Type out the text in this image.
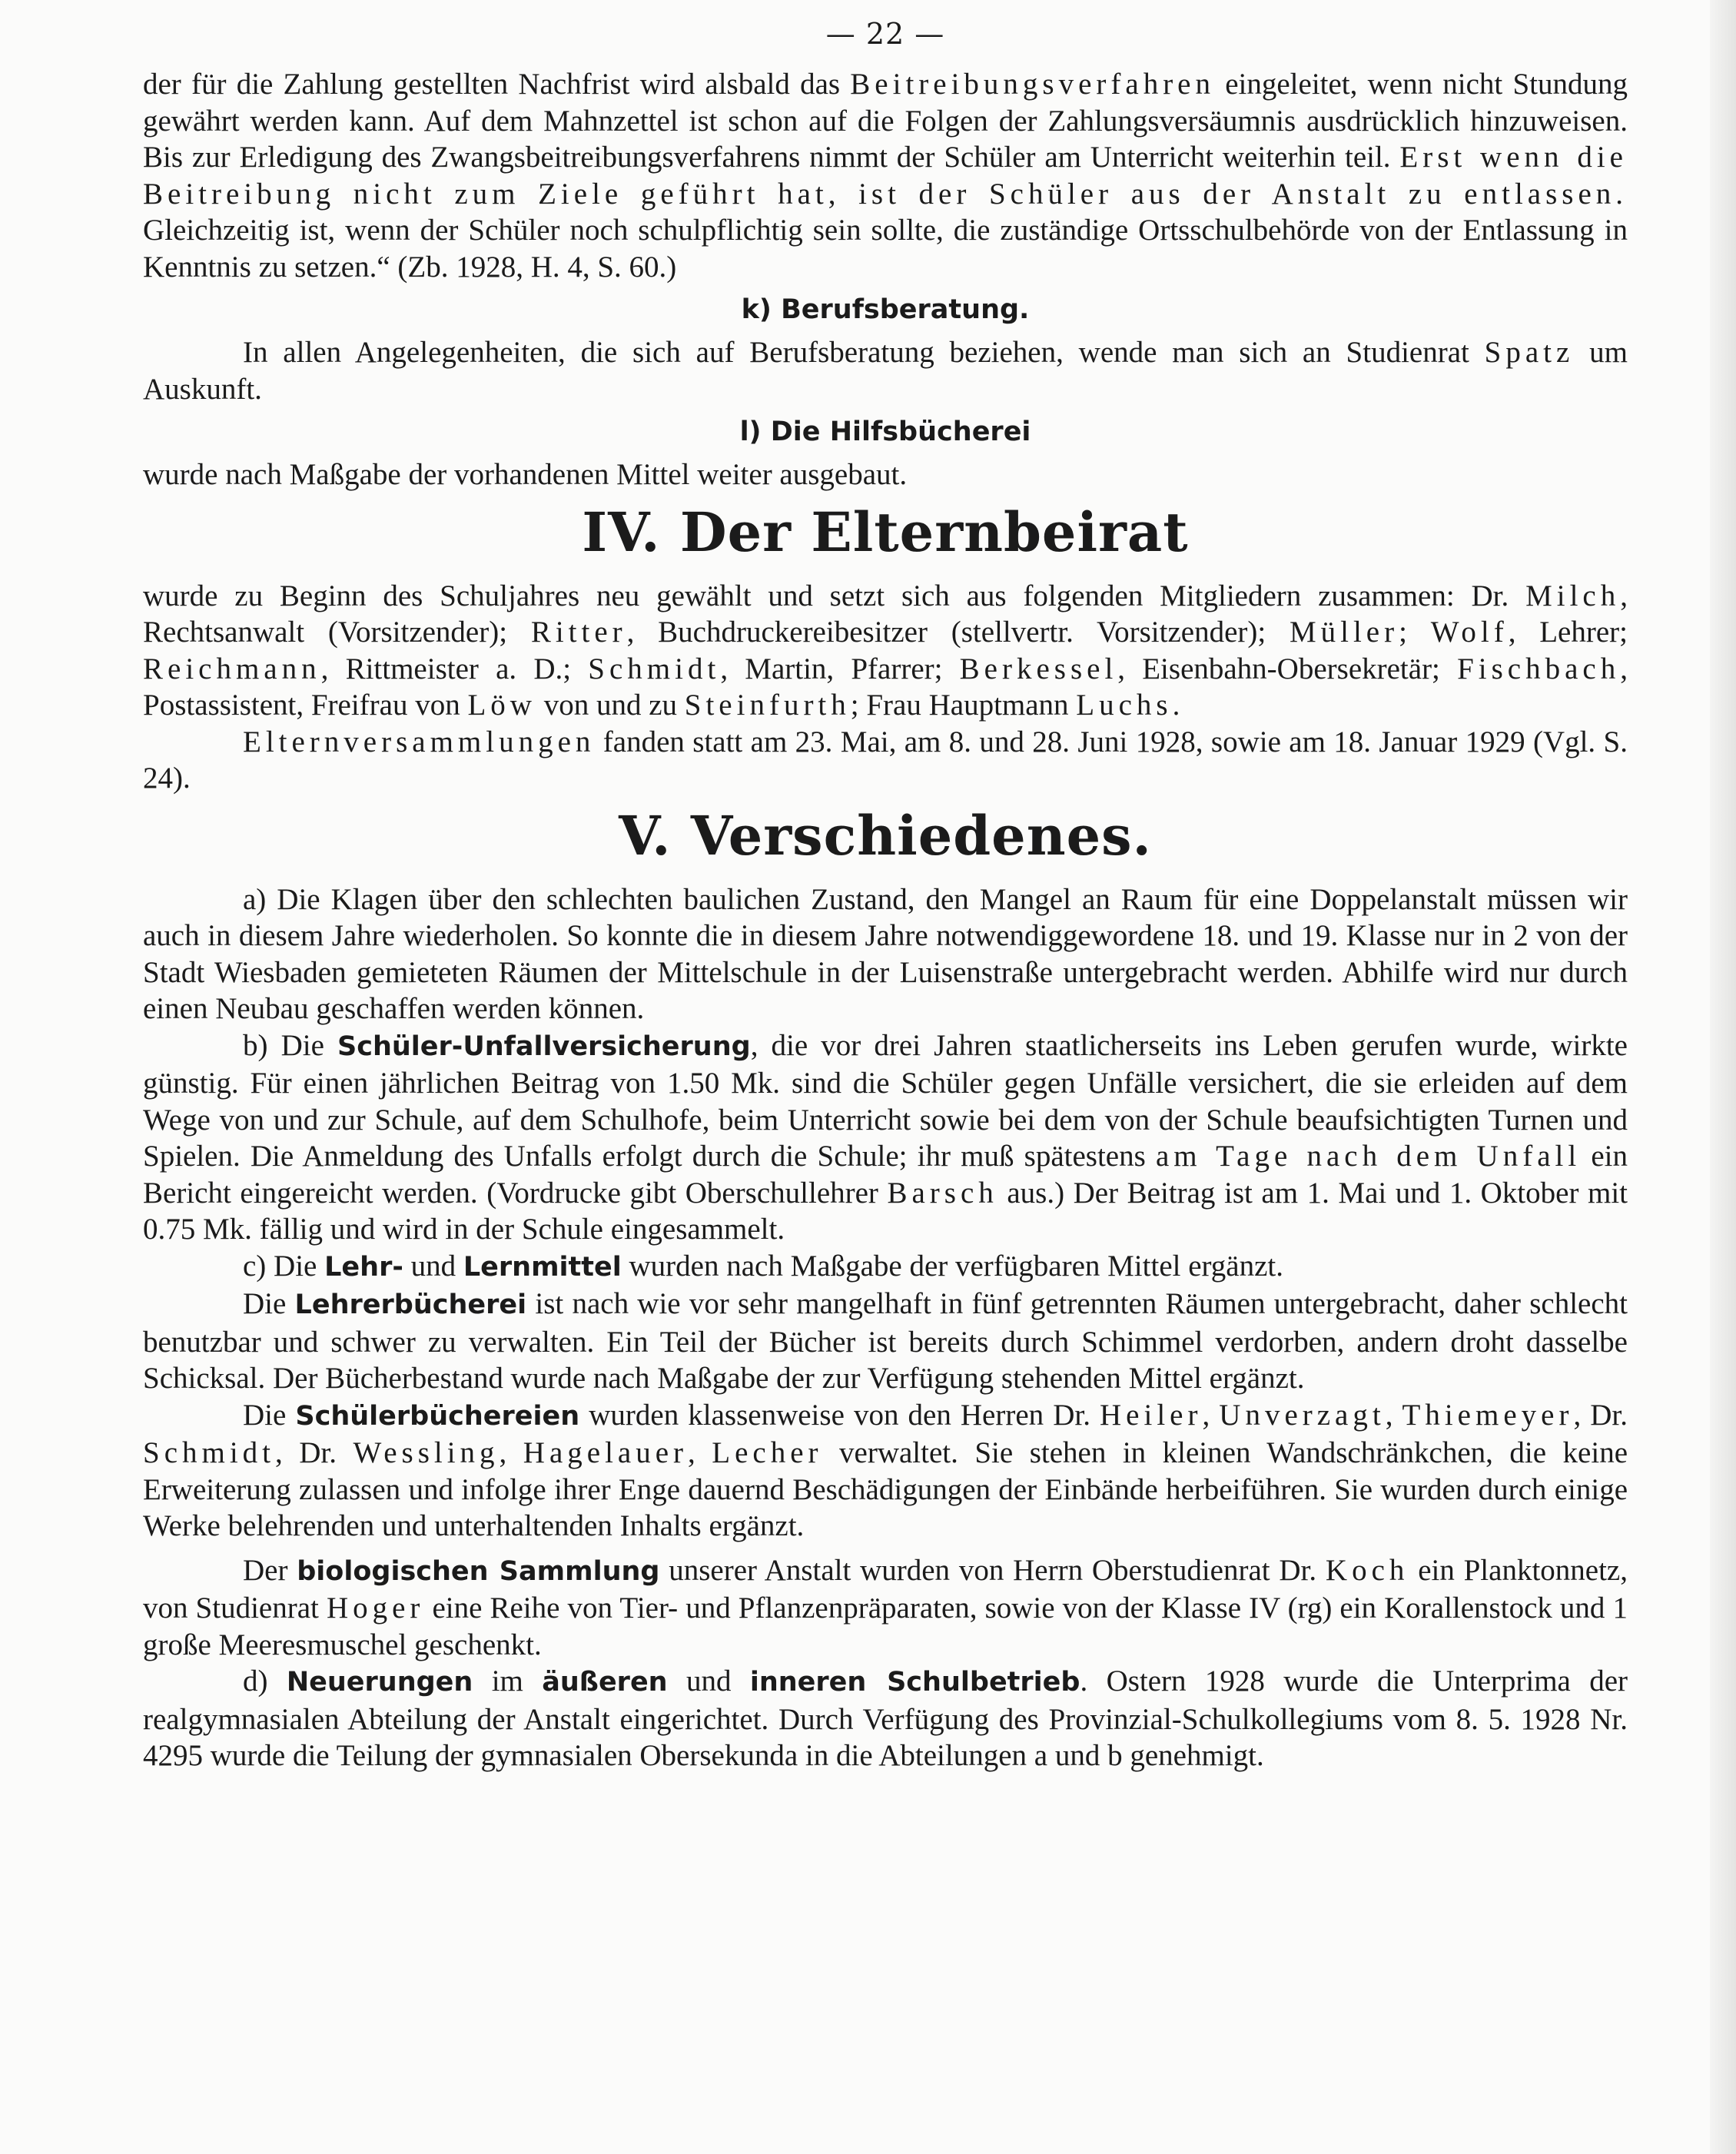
— 22 —

der für die Zahlung gestellten Nachfrist wird alsbald das Beitreibungsverfahren eingeleitet, wenn nicht Stundung gewährt werden kann. Auf dem Mahnzettel ist schon auf die Folgen der Zahlungsversäumnis ausdrücklich hinzuweisen. Bis zur Erledigung des Zwangsbeitreibungsverfahrens nimmt der Schüler am Unterricht weiterhin teil. Erst wenn die Beitreibung nicht zum Ziele geführt hat, ist der Schüler aus der Anstalt zu entlassen. Gleichzeitig ist, wenn der Schüler noch schulpflichtig sein sollte, die zuständige Ortsschulbehörde von der Entlassung in Kenntnis zu setzen.“ (Zb. 1928, H. 4, S. 60.)

k) Berufsberatung.

In allen Angelegenheiten, die sich auf Berufsberatung beziehen, wende man sich an Studienrat Spatz um Auskunft.

l) Die Hilfsbücherei

wurde nach Maßgabe der vorhandenen Mittel weiter ausgebaut.

IV. Der Elternbeirat

wurde zu Beginn des Schuljahres neu gewählt und setzt sich aus folgenden Mitgliedern zusammen: Dr. Milch, Rechtsanwalt (Vorsitzender); Ritter, Buchdruckereibesitzer (stellvertr. Vorsitzender); Müller; Wolf, Lehrer; Reichmann, Rittmeister a. D.; Schmidt, Martin, Pfarrer; Berkessel, Eisenbahn-Obersekretär; Fischbach, Postassistent, Freifrau von Löw von und zu Steinfurth; Frau Hauptmann Luchs.

Elternversammlungen fanden statt am 23. Mai, am 8. und 28. Juni 1928, sowie am 18. Januar 1929 (Vgl. S. 24).

V. Verschiedenes.

a) Die Klagen über den schlechten baulichen Zustand, den Mangel an Raum für eine Doppelanstalt müssen wir auch in diesem Jahre wiederholen. So konnte die in diesem Jahre notwendiggewordene 18. und 19. Klasse nur in 2 von der Stadt Wiesbaden gemieteten Räumen der Mittelschule in der Luisenstraße untergebracht werden. Abhilfe wird nur durch einen Neubau geschaffen werden können.

b) Die Schüler-Unfallversicherung, die vor drei Jahren staatlicherseits ins Leben gerufen wurde, wirkte günstig. Für einen jährlichen Beitrag von 1.50 Mk. sind die Schüler gegen Unfälle versichert, die sie erleiden auf dem Wege von und zur Schule, auf dem Schulhofe, beim Unterricht sowie bei dem von der Schule beaufsichtigten Turnen und Spielen. Die Anmeldung des Unfalls erfolgt durch die Schule; ihr muß spätestens am Tage nach dem Unfall ein Bericht eingereicht werden. (Vordrucke gibt Oberschullehrer Barsch aus.) Der Beitrag ist am 1. Mai und 1. Oktober mit 0.75 Mk. fällig und wird in der Schule eingesammelt.

c) Die Lehr- und Lernmittel wurden nach Maßgabe der verfügbaren Mittel ergänzt.

Die Lehrerbücherei ist nach wie vor sehr mangelhaft in fünf getrennten Räumen untergebracht, daher schlecht benutzbar und schwer zu verwalten. Ein Teil der Bücher ist bereits durch Schimmel verdorben, andern droht dasselbe Schicksal. Der Bücherbestand wurde nach Maßgabe der zur Verfügung stehenden Mittel ergänzt.

Die Schülerbüchereien wurden klassenweise von den Herren Dr. Heiler, Unverzagt, Thiemeyer, Dr. Schmidt, Dr. Wessling, Hagelauer, Lecher verwaltet. Sie stehen in kleinen Wandschränkchen, die keine Erweiterung zulassen und infolge ihrer Enge dauernd Beschädigungen der Einbände herbeiführen. Sie wurden durch einige Werke belehrenden und unterhaltenden Inhalts ergänzt.

Der biologischen Sammlung unserer Anstalt wurden von Herrn Oberstudienrat Dr. Koch ein Planktonnetz, von Studienrat Hoger eine Reihe von Tier- und Pflanzenpräparaten, sowie von der Klasse IV (rg) ein Korallenstock und 1 große Meeresmuschel geschenkt.

d) Neuerungen im äußeren und inneren Schulbetrieb. Ostern 1928 wurde die Unterprima der realgymnasialen Abteilung der Anstalt eingerichtet. Durch Verfügung des Provinzial-Schulkollegiums vom 8. 5. 1928 Nr. 4295 wurde die Teilung der gymnasialen Obersekunda in die Abteilungen a und b genehmigt.
